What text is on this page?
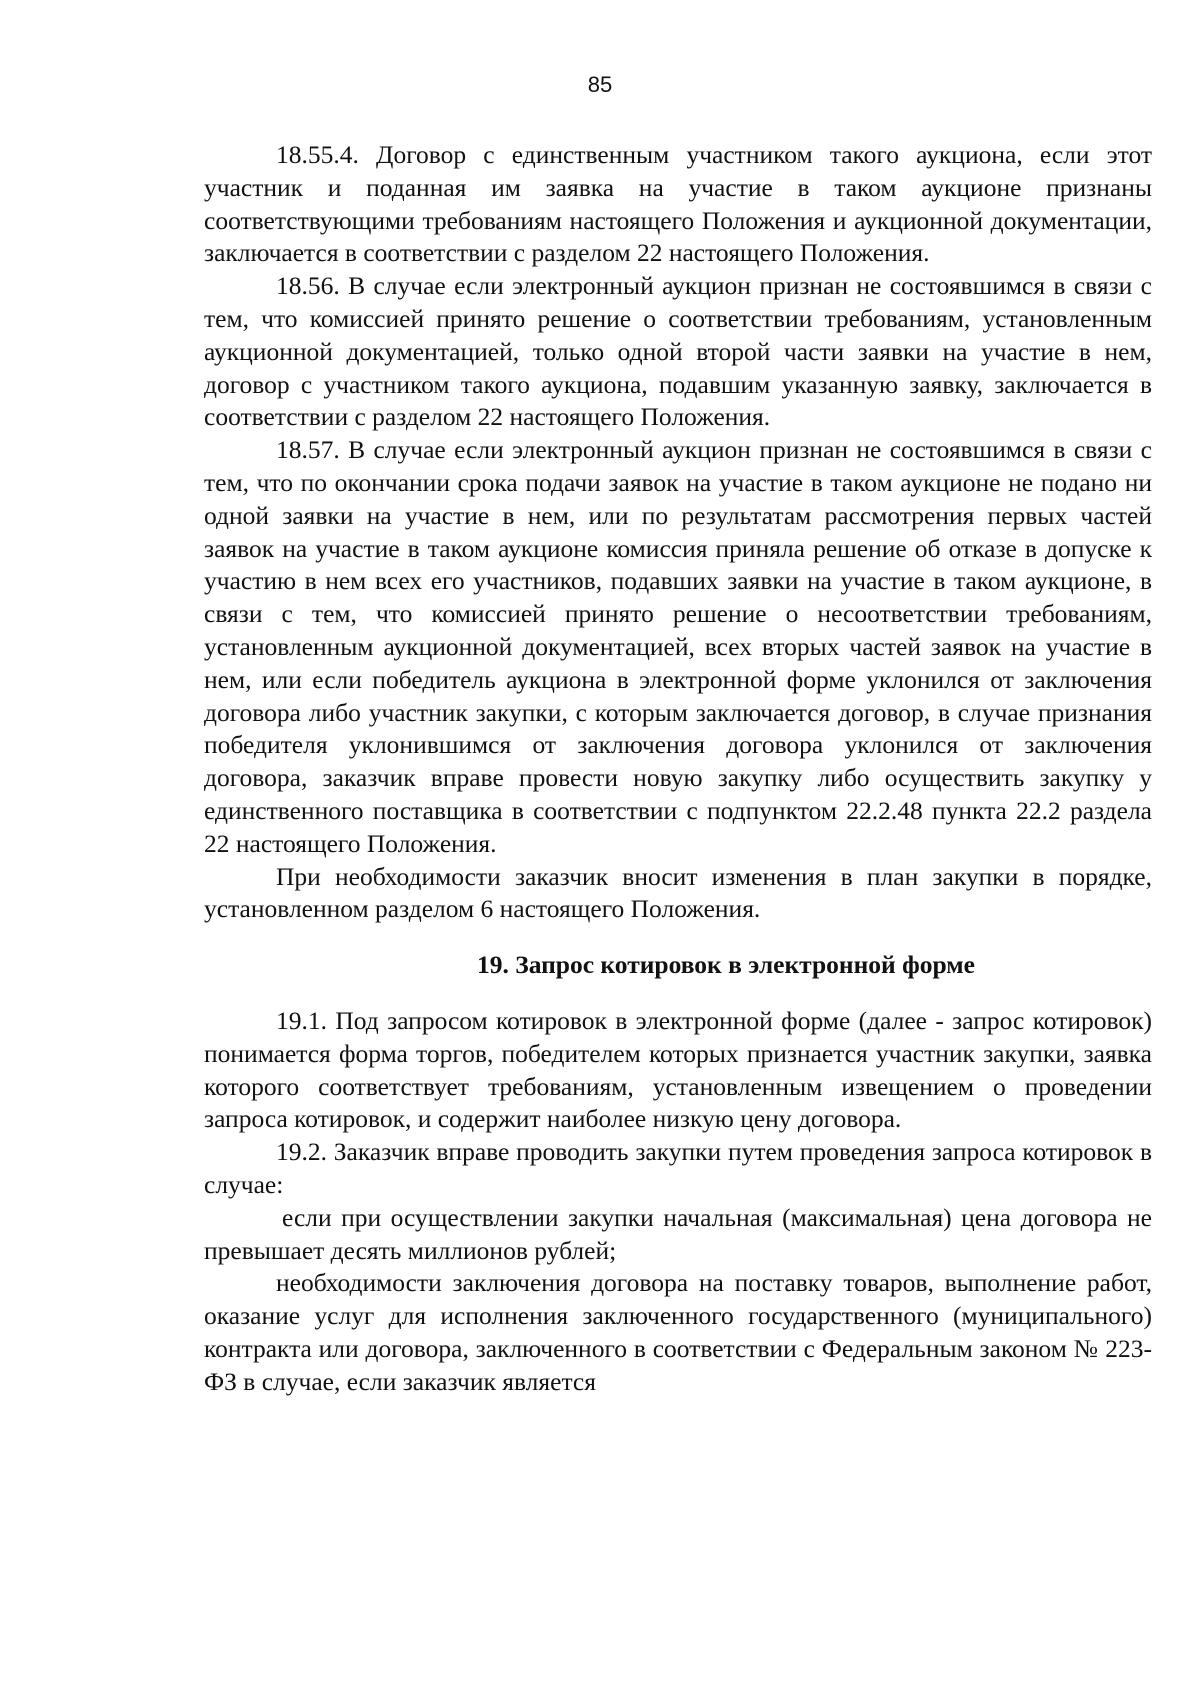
85

18.55.4. Договор с единственным участником такого аукциона, если этот участник и поданная им заявка на участие в таком аукционе признаны соответствующими требованиям настоящего Положения и аукционной документации, заключается в соответствии с разделом 22 настоящего Положения.

18.56. В случае если электронный аукцион признан не состоявшимся в связи с тем, что комиссией принято решение о соответствии требованиям, установленным аукционной документацией, только одной второй части заявки на участие в нем, договор с участником такого аукциона, подавшим указанную заявку, заключается в соответствии с разделом 22 настоящего Положения.

18.57. В случае если электронный аукцион признан не состоявшимся в связи с тем, что по окончании срока подачи заявок на участие в таком аукционе не подано ни одной заявки на участие в нем, или по результатам рассмотрения первых частей заявок на участие в таком аукционе комиссия приняла решение об отказе в допуске к участию в нем всех его участников, подавших заявки на участие в таком аукционе, в связи с тем, что комиссией принято решение о несоответствии требованиям, установленным аукционной документацией, всех вторых частей заявок на участие в нем, или если победитель аукциона в электронной форме уклонился от заключения договора либо участник закупки, с которым заключается договор, в случае признания победителя уклонившимся от заключения договора уклонился от заключения договора, заказчик вправе провести новую закупку либо осуществить закупку у единственного поставщика в соответствии с подпунктом 22.2.48 пункта 22.2 раздела 22 настоящего Положения.

При необходимости заказчик вносит изменения в план закупки в порядке, установленном разделом 6 настоящего Положения.

19. Запрос котировок в электронной форме

19.1. Под запросом котировок в электронной форме (далее - запрос котировок) понимается форма торгов, победителем которых признается участник закупки, заявка которого соответствует требованиям, установленным извещением о проведении запроса котировок, и содержит наиболее низкую цену договора.

19.2. Заказчик вправе проводить закупки путем проведения запроса котировок в случае:

если при осуществлении закупки начальная (максимальная) цена договора не превышает десять миллионов рублей;

необходимости заключения договора на поставку товаров, выполнение работ, оказание услуг для исполнения заключенного государственного (муниципального) контракта или договора, заключенного в соответствии с Федеральным законом № 223-ФЗ в случае, если заказчик является
